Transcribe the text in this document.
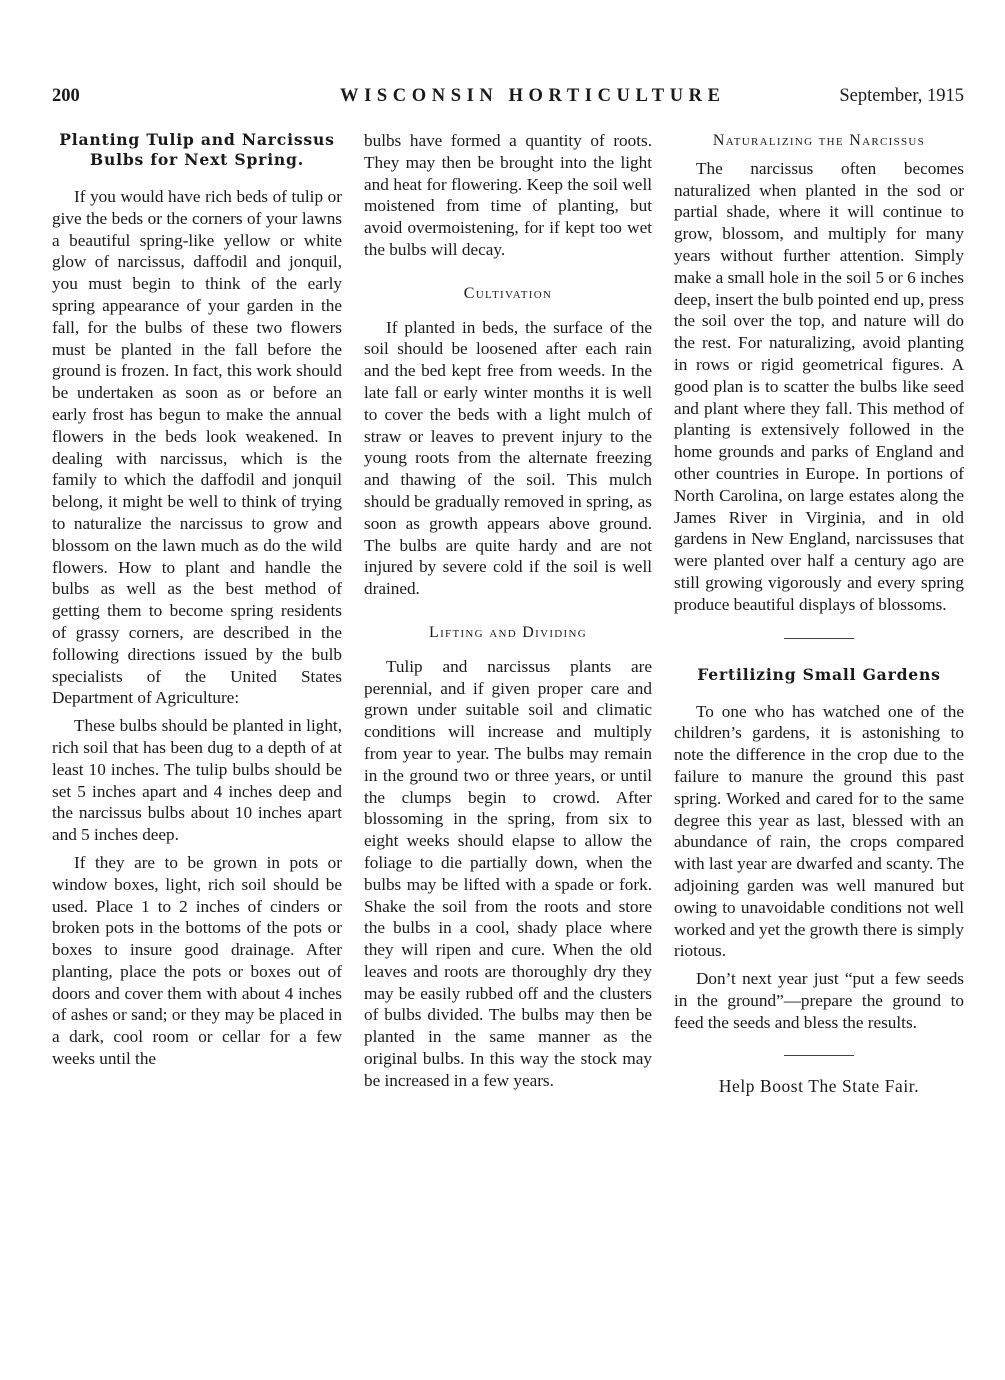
200	WISCONSIN HORTICULTURE	September, 1915
Planting Tulip and Narcissus
Bulbs for Next Spring.

If you would have rich beds of tulip or give the beds or the corners of your lawns a beautiful spring-like yellow or white glow of narcissus, daffodil and jonquil, you must begin to think of the early spring appearance of your garden in the fall, for the bulbs of these two flowers must be planted in the fall before the ground is frozen. In fact, this work should be undertaken as soon as or before an early frost has begun to make the annual flowers in the beds look weakened. In dealing with narcissus, which is the family to which the daffodil and jonquil belong, it might be well to think of trying to naturalize the narcissus to grow and blossom on the lawn much as do the wild flowers. How to plant and handle the bulbs as well as the best method of getting them to become spring residents of grassy corners, are described in the following directions issued by the bulb specialists of the United States Department of Agriculture:

These bulbs should be planted in light, rich soil that has been dug to a depth of at least 10 inches. The tulip bulbs should be set 5 inches apart and 4 inches deep and the narcissus bulbs about 10 inches apart and 5 inches deep.

If they are to be grown in pots or window boxes, light, rich soil should be used. Place 1 to 2 inches of cinders or broken pots in the bottoms of the pots or boxes to insure good drainage. After planting, place the pots or boxes out of doors and cover them with about 4 inches of ashes or sand; or they may be placed in a dark, cool room or cellar for a few weeks until the

bulbs have formed a quantity of roots. They may then be brought into the light and heat for flowering. Keep the soil well moistened from time of planting, but avoid overmoistening, for if kept too wet the bulbs will decay.

Cultivation

If planted in beds, the surface of the soil should be loosened after each rain and the bed kept free from weeds. In the late fall or early winter months it is well to cover the beds with a light mulch of straw or leaves to prevent injury to the young roots from the alternate freezing and thawing of the soil. This mulch should be gradually removed in spring, as soon as growth appears above ground. The bulbs are quite hardy and are not injured by severe cold if the soil is well drained.

Lifting and Dividing

Tulip and narcissus plants are perennial, and if given proper care and grown under suitable soil and climatic conditions will increase and multiply from year to year. The bulbs may remain in the ground two or three years, or until the clumps begin to crowd. After blossoming in the spring, from six to eight weeks should elapse to allow the foliage to die partially down, when the bulbs may be lifted with a spade or fork. Shake the soil from the roots and store the bulbs in a cool, shady place where they will ripen and cure. When the old leaves and roots are thoroughly dry they may be easily rubbed off and the clusters of bulbs divided. The bulbs may then be planted in the same manner as the original bulbs. In this way the stock may be increased in a few years.

Naturalizing the Narcissus

The narcissus often becomes naturalized when planted in the sod or partial shade, where it will continue to grow, blossom, and multiply for many years without further attention. Simply make a small hole in the soil 5 or 6 inches deep, insert the bulb pointed end up, press the soil over the top, and nature will do the rest. For naturalizing, avoid planting in rows or rigid geometrical figures. A good plan is to scatter the bulbs like seed and plant where they fall. This method of planting is extensively followed in the home grounds and parks of England and other countries in Europe. In portions of North Carolina, on large estates along the James River in Virginia, and in old gardens in New England, narcissuses that were planted over half a century ago are still growing vigorously and every spring produce beautiful displays of blossoms.

Fertilizing Small Gardens

To one who has watched one of the children’s gardens, it is astonishing to note the difference in the crop due to the failure to manure the ground this past spring. Worked and cared for to the same degree this year as last, blessed with an abundance of rain, the crops compared with last year are dwarfed and scanty. The adjoining garden was well manured but owing to unavoidable conditions not well worked and yet the growth there is simply riotous.

Don’t next year just “put a few seeds in the ground”—prepare the ground to feed the seeds and bless the results.

Help Boost The State Fair.
